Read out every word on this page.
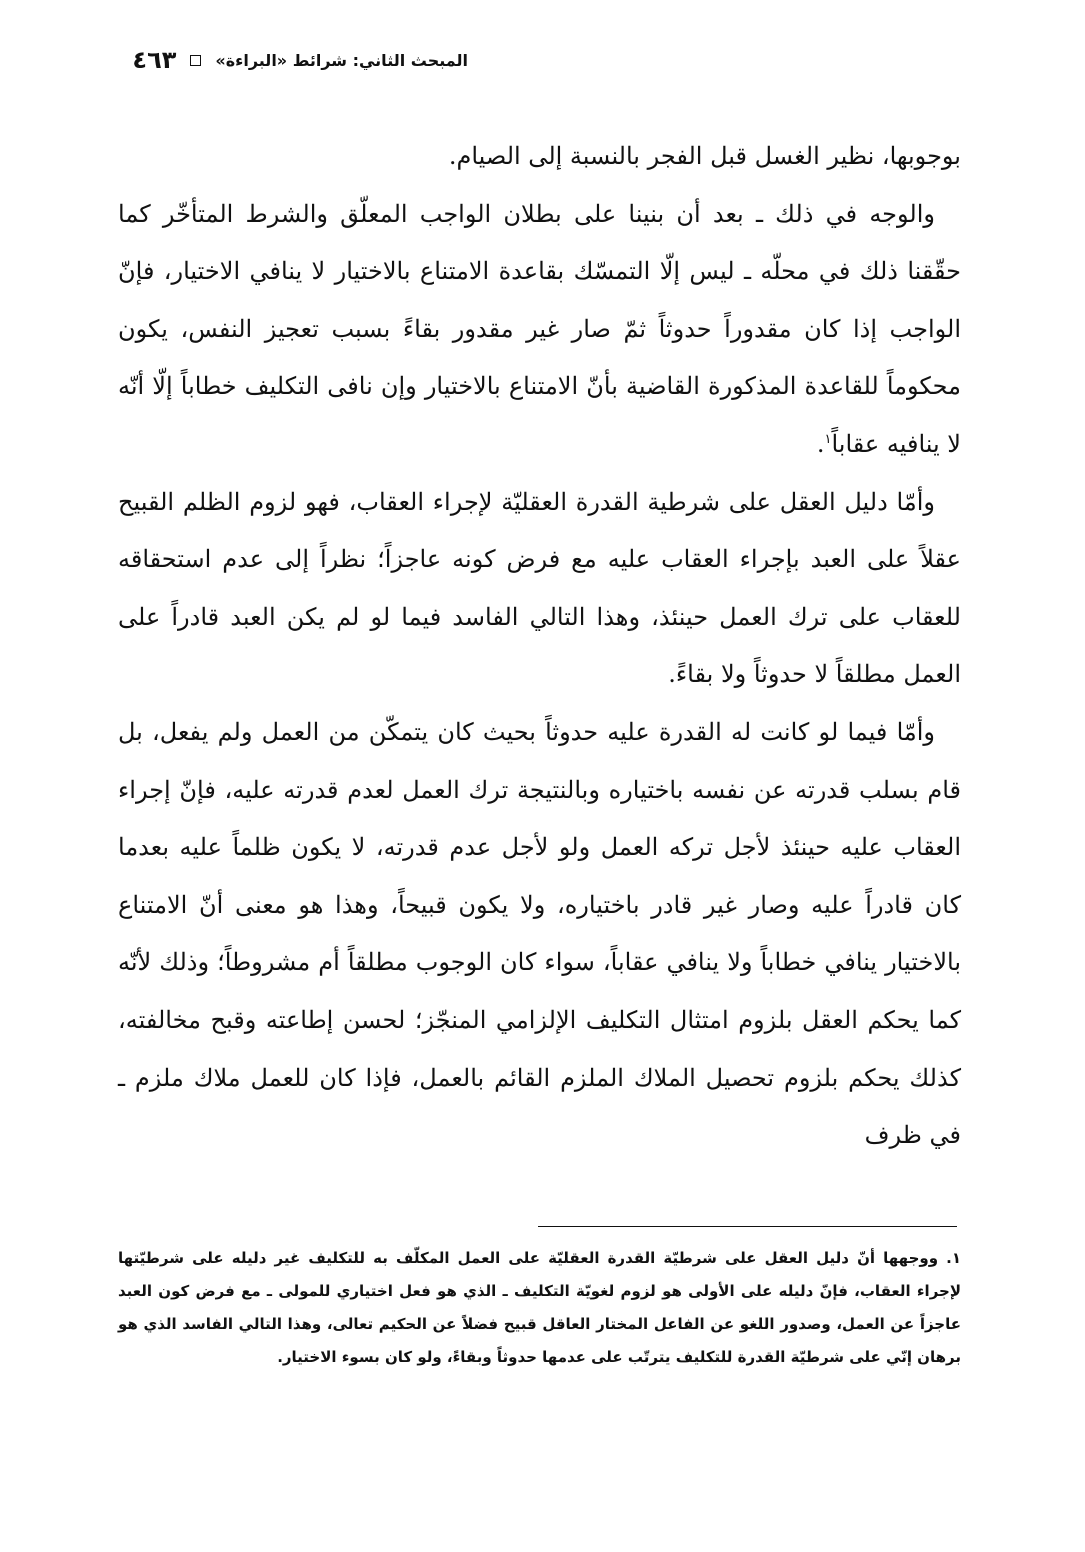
المبحث الثاني: شرائط «البراءة»
٤٦٣

بوجوبها، نظير الغسل قبل الفجر بالنسبة إلى الصيام.

والوجه في ذلك ـ بعد أن بنينا على بطلان الواجب المعلّق والشرط المتأخّر كما حقّقنا ذلك في محلّه ـ ليس إلّا التمسّك بقاعدة الامتناع بالاختيار لا ينافي الاختيار، فإنّ الواجب إذا كان مقدوراً حدوثاً ثمّ صار غير مقدور بقاءً بسبب تعجيز النفس، يكون محكوماً للقاعدة المذكورة القاضية بأنّ الامتناع بالاختيار وإن نافى التكليف خطاباً إلّا أنّه لا ينافيه عقاباً$^١$.

وأمّا دليل العقل على شرطية القدرة العقليّة لإجراء العقاب، فهو لزوم الظلم القبيح عقلاً على العبد بإجراء العقاب عليه مع فرض كونه عاجزاً؛ نظراً إلى عدم استحقاقه للعقاب على ترك العمل حينئذ، وهذا التالي الفاسد فيما لو لم يكن العبد قادراً على العمل مطلقاً لا حدوثاً ولا بقاءً.

وأمّا فيما لو كانت له القدرة عليه حدوثاً بحيث كان يتمكّن من العمل ولم يفعل، بل قام بسلب قدرته عن نفسه باختياره وبالنتيجة ترك العمل لعدم قدرته عليه، فإنّ إجراء العقاب عليه حينئذ لأجل تركه العمل ولو لأجل عدم قدرته، لا يكون ظلماً عليه بعدما كان قادراً عليه وصار غير قادر باختياره، ولا يكون قبيحاً، وهذا هو معنى أنّ الامتناع بالاختيار ينافي خطاباً ولا ينافي عقاباً، سواء كان الوجوب مطلقاً أم مشروطاً؛ وذلك لأنّه كما يحكم العقل بلزوم امتثال التكليف الإلزامي المنجّز؛ لحسن إطاعته وقبح مخالفته، كذلك يحكم بلزوم تحصيل الملاك الملزم القائم بالعمل، فإذا كان للعمل ملاك ملزم ـ في ظرف

١. ووجهها أنّ دليل العقل على شرطيّة القدرة العقليّة على العمل المكلّف به للتكليف غير دليله على شرطيّتها لإجراء العقاب، فإنّ دليله على الأولى هو لزوم لغويّة التكليف ـ الذي هو فعل اختياري للمولى ـ مع فرض كون العبد عاجزاً عن العمل، وصدور اللغو عن الفاعل المختار العاقل قبيح فضلاً عن الحكيم تعالى، وهذا التالي الفاسد الذي هو برهان إنّي على شرطيّة القدرة للتكليف يترتّب على عدمها حدوثاً وبقاءً، ولو كان بسوء الاختيار.
